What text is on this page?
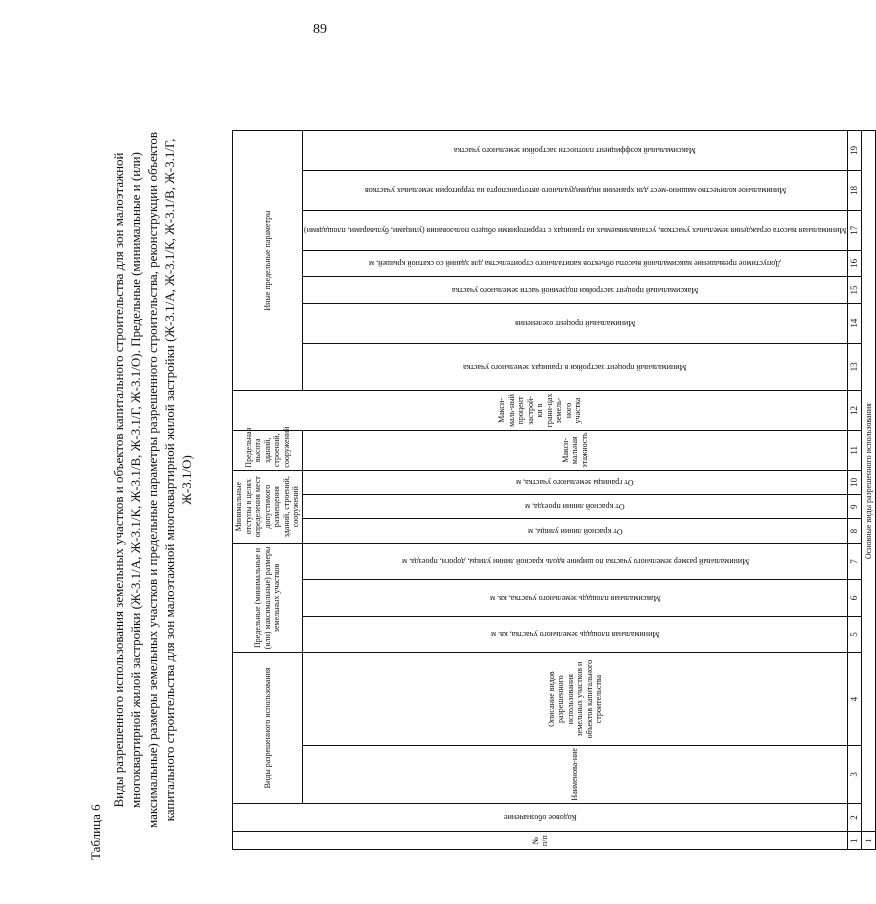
89
Таблица 6
Виды разрешенного использования земельных участков и объектов капитального строительства для зон малоэтажной многоквартирной жилой застройки (Ж-3.1/А, Ж-3.1/К, Ж-3.1/В, Ж-3.1/Г, Ж-3.1/О). Предельные (минимальные и (или) максимальные) размеры земельных участков и предельные параметры разрешенного строительства, реконструкции объектов капитального строительства для зон малоэтажной многоквартирной жилой застройки (Ж-3.1/А, Ж-3.1/К, Ж-3.1/В, Ж-3.1/Г, Ж-3.1/О)
№ п/п	Кодовое обозначение	Виды разрешенного использования		Предельные (минимальные и (или) максимальные) размеры земельных участков			Минимальные отступы в целях определения мест допустимого размещения зданий, строений, сооружений			Предельная высота зданий, строений, сооружений	Макси-маль-ный процент застрой-ки в грани-цах земель-ного участка	Иные предельные параметры						
		Наименова-ние	Описание видов разрешенного использования земельных участков и объектов капитального строительства	Минимальная площадь земельного участка, кв. м	Максимальная площадь земельного участка, кв. м	Минимальный размер земельного участка по ширине вдоль красной линии улицы, дороги, проезда, м	От красной линии улицы, м	От красной линии проезда, м	От границы земельного участка, м	Макси-мальная этажность		Минимальный процент застройки в границах земельного участка	Минимальный процент озеленения	Максимальный процент застройки подземной части земельного участка	Допустимое превышение максимальной высоты объектов капитального строительства для зданий со скатной крышей, м	Минимальная высота ограждения земельных участков, устанавливаемых на границах с территориями общего пользования (улицами, бульварами, площадями)	Минимальное количество машино-мест для хранения индивидуального автотранспорта на территории земельных участков	Максимальный коэффициент плотности застройки земельного участка

1	2	3	4	5	6	7	8	9	10	11	12	13	14	15	16	17	18	19
1	Основные виды разрешенного использования																	
